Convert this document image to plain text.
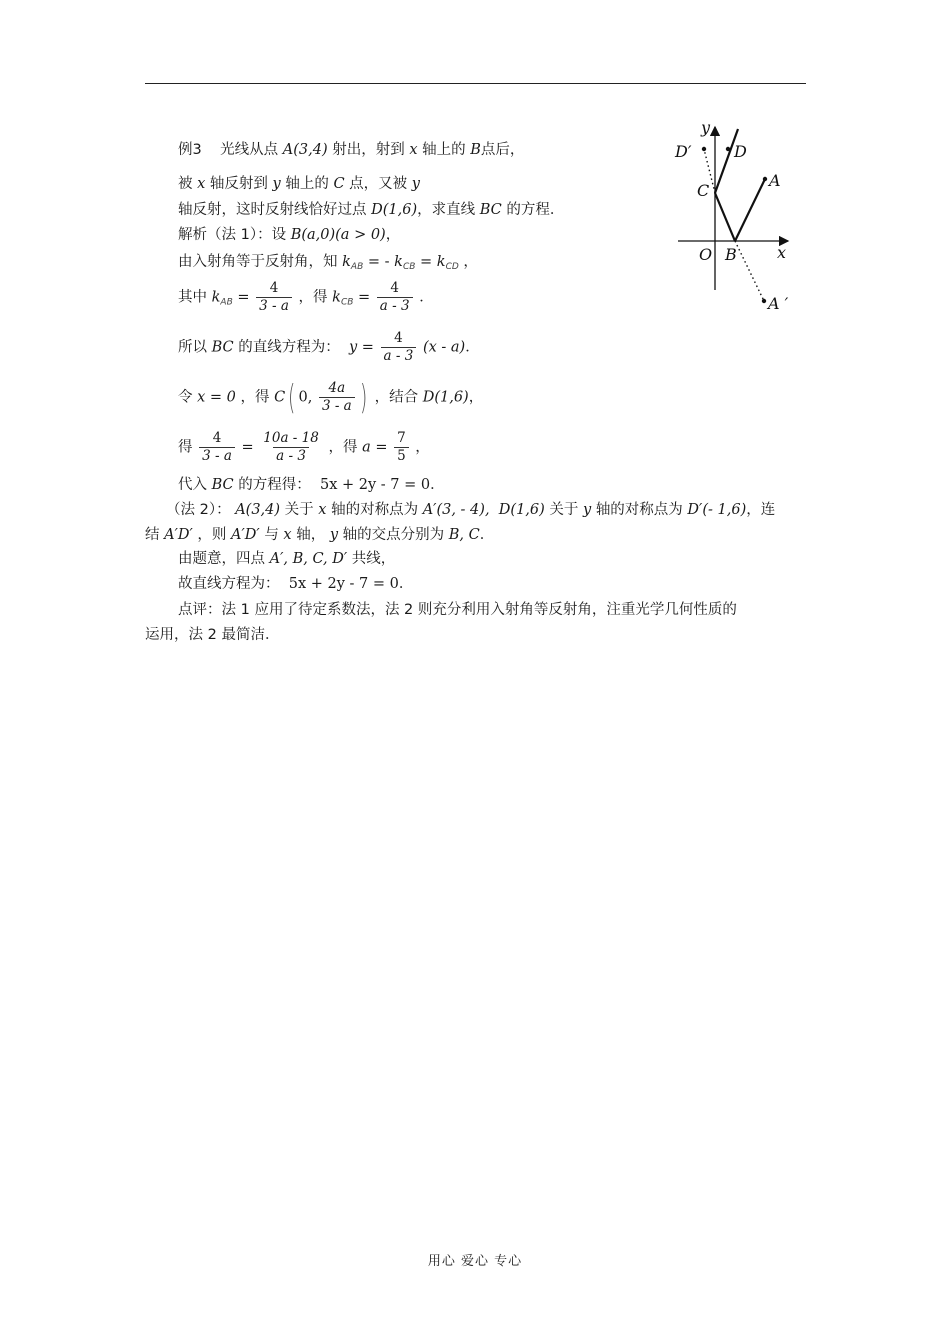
例3 光线从点 A(3,4) 射出，射到 x 轴上的 B点后，
被 x 轴反射到 y 轴上的 C 点，又被 y
轴反射，这时反射线恰好过点 D(1,6)，求直线 BC 的方程．
解析（法 1）：设 B(a,0)(a > 0)，
由入射角等于反射角，知 $k_{AB}$ = - $k_{CB} = k_{CD}$ ，
其中 $k_{AB} = \frac{4}{3 - a}$ ，得 $k_{CB} = \frac{4}{a - 3}$ ．
所以 BC 的直线方程为： $y = \frac{4}{a - 3} (x - a)$．
令 x = 0 ，得 C( 0, $\frac{4a}{3 - a}$ ) ，结合 D(1,6)，
得 $\frac{4}{3 - a} = \frac{10a - 18}{a - 3}$ ，得 $a = \frac{7}{5}$ ，
代入 BC 的方程得： 5x + 2y - 7 = 0．
（法 2）： A(3,4) 关于 x 轴的对称点为 A′(3, - 4), D(1,6) 关于 y 轴的对称点为 D′(- 1,6)，连
结 A′D′ ，则 A′D′ 与 x 轴， y 轴的交点分别为 B, C．
由题意，四点 A′, B, C, D′ 共线，
故直线方程为： 5x + 2y - 7 = 0．
点评：法 1 应用了待定系数法，法 2 则充分利用入射角等反射角，注重光学几何性质的
运用，法 2 最简洁．
y
D′	D
C
A
O B	x
A ′
用心 爱心 专心
